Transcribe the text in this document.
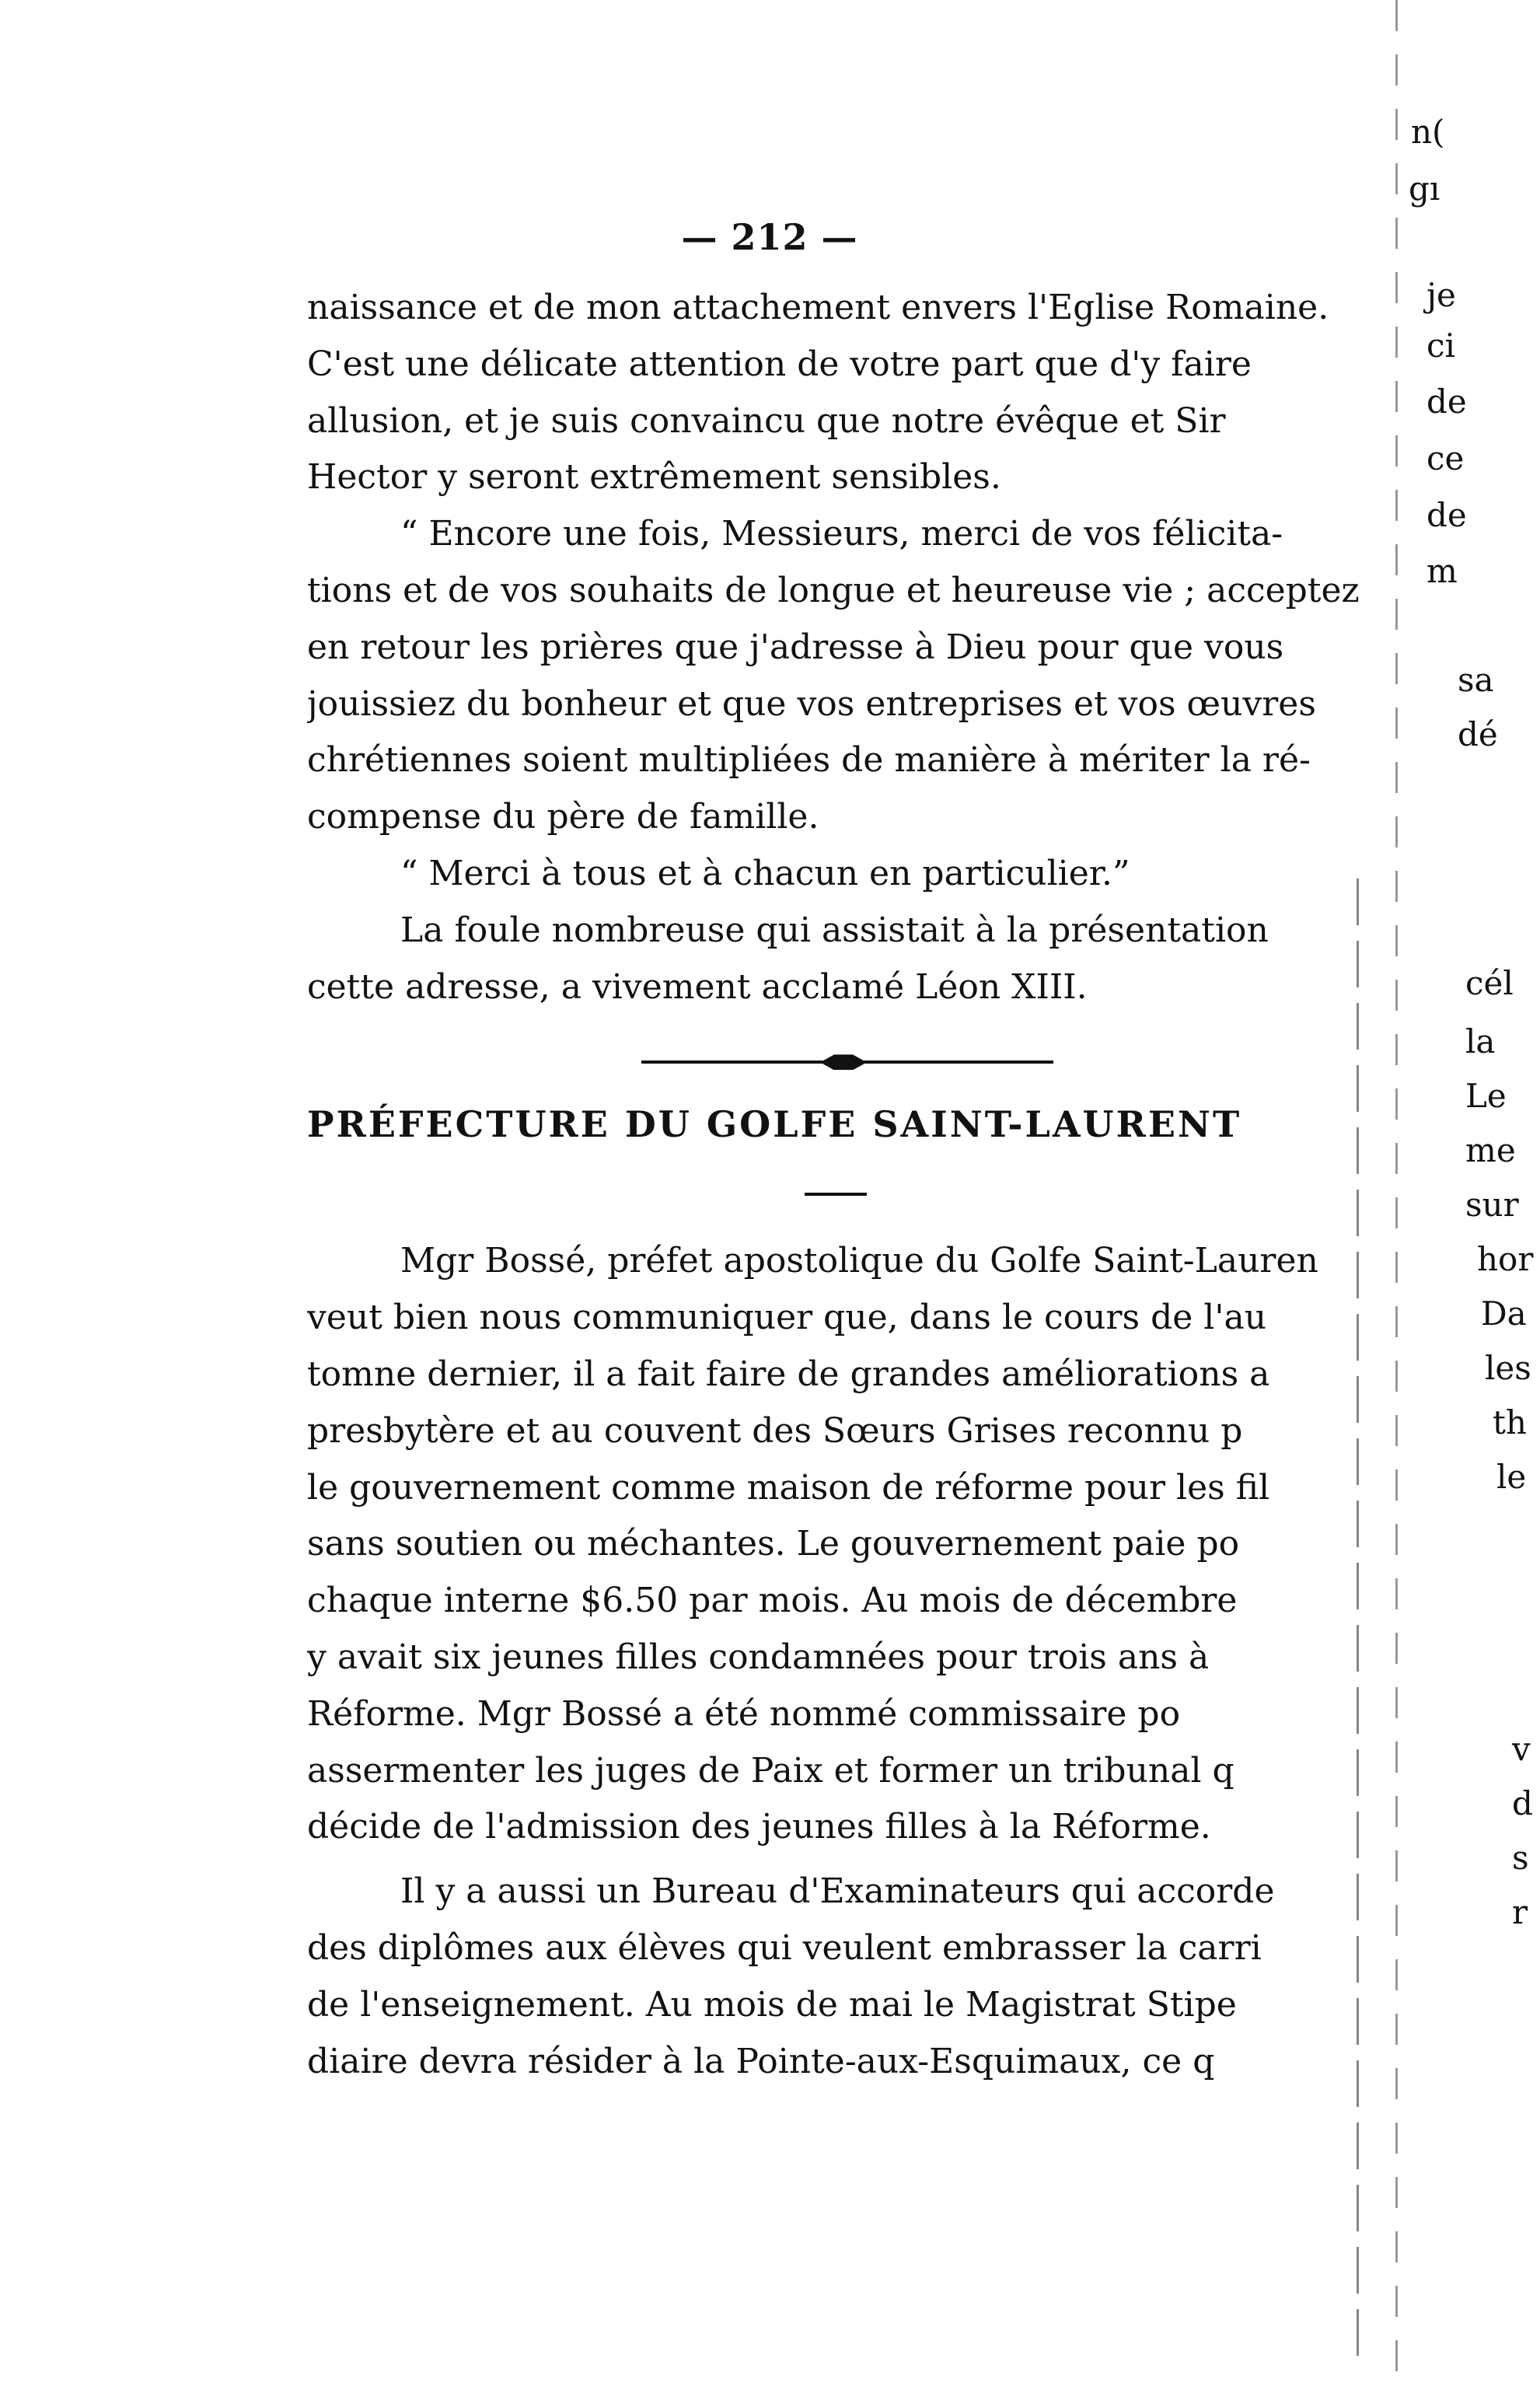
— 212 —

naissance et de mon attachement envers l'Eglise Romaine.
C'est une délicate attention de votre part que d'y faire
allusion, et je suis convaincu que notre évêque et Sir
Hector y seront extrêmement sensibles.

“ Encore une fois, Messieurs, merci de vos félicita-
tions et de vos souhaits de longue et heureuse vie ; acceptez
en retour les prières que j'adresse à Dieu pour que vous
jouissiez du bonheur et que vos entreprises et vos œuvres
chrétiennes soient multipliées de manière à mériter la ré-
compense du père de famille.

“ Merci à tous et à chacun en particulier.”

La foule nombreuse qui assistait à la présentation
cette adresse, a vivement acclamé Léon XIII.

PRÉFECTURE DU GOLFE SAINT-LAURENT

Mgr Bossé, préfet apostolique du Golfe Saint-Lauren
veut bien nous communiquer que, dans le cours de l'au
tomne dernier, il a fait faire de grandes améliorations a
presbytère et au couvent des Sœurs Grises reconnu p
le gouvernement comme maison de réforme pour les fil
sans soutien ou méchantes. Le gouvernement paie po
chaque interne $6.50 par mois. Au mois de décembre
y avait six jeunes filles condamnées pour trois ans à
Réforme. Mgr Bossé a été nommé commissaire po
assermenter les juges de Paix et former un tribunal q
décide de l'admission des jeunes filles à la Réforme.

Il y a aussi un Bureau d'Examinateurs qui accorde
des diplômes aux élèves qui veulent embrasser la carri
de l'enseignement. Au mois de mai le Magistrat Stipe
diaire devra résider à la Pointe-aux-Esquimaux, ce q

n(
gı
je
ci
de
ce
de
m
sa
dé
cél
la
Le
me
sur
hor
Da
les
th
le
v
d
s
r
